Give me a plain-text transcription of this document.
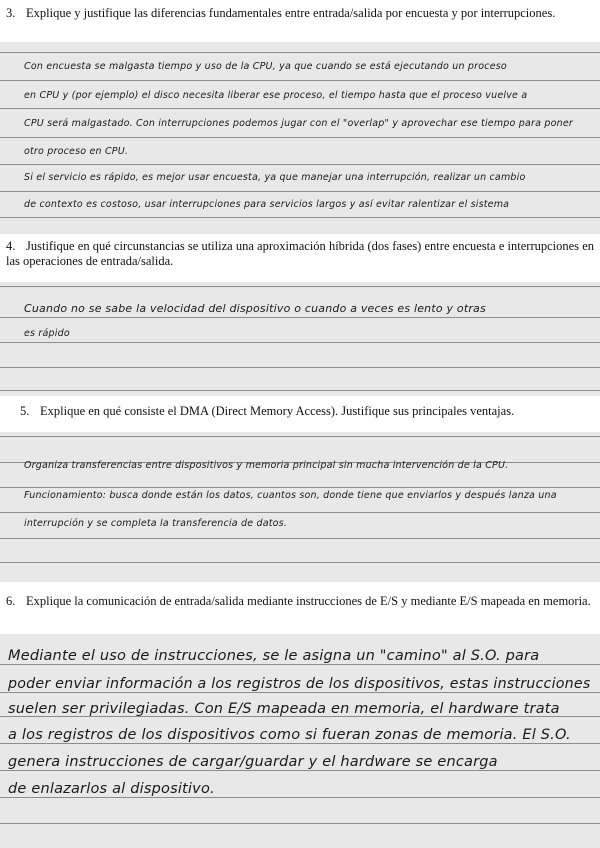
3. Explique y justifique las diferencias fundamentales entre entrada/salida por encuesta y por interrupciones.
Con encuesta se malgasta tiempo y uso de la CPU, ya que cuando se está ejecutando un proceso
en CPU y (por ejemplo) el disco necesita liberar ese proceso, el tiempo hasta que el proceso vuelve a
CPU será malgastado. Con interrupciones podemos jugar con el "overlap" y aprovechar ese tiempo para poner
otro proceso en CPU.
Si el servicio es rápido, es mejor usar encuesta, ya que manejar una interrupción, realizar un cambio
de contexto es costoso, usar interrupciones para servicios largos y así evitar ralentizar el sistema
4. Justifique en qué circunstancias se utiliza una aproximación híbrida (dos fases) entre encuesta e interrupciones en las operaciones de entrada/salida.
Cuando no se sabe la velocidad del dispositivo o cuando a veces es lento y otras
es rápido
5. Explique en qué consiste el DMA (Direct Memory Access). Justifique sus principales ventajas.
Organiza transferencias entre dispositivos y memoria principal sin mucha intervención de la CPU.
Funcionamiento: busca donde están los datos, cuantos son, donde tiene que enviarlos y después lanza una
interrupción y se completa la transferencia de datos.
6. Explique la comunicación de entrada/salida mediante instrucciones de E/S y mediante E/S mapeada en memoria.
Mediante el uso de instrucciones, se le asigna un "camino" al S.O. para
poder enviar información a los registros de los dispositivos, estas instrucciones
suelen ser privilegiadas. Con E/S mapeada en memoria, el hardware trata
a los registros de los dispositivos como si fueran zonas de memoria. El S.O.
genera instrucciones de cargar/guardar y el hardware se encarga
de enlazarlos al dispositivo.
